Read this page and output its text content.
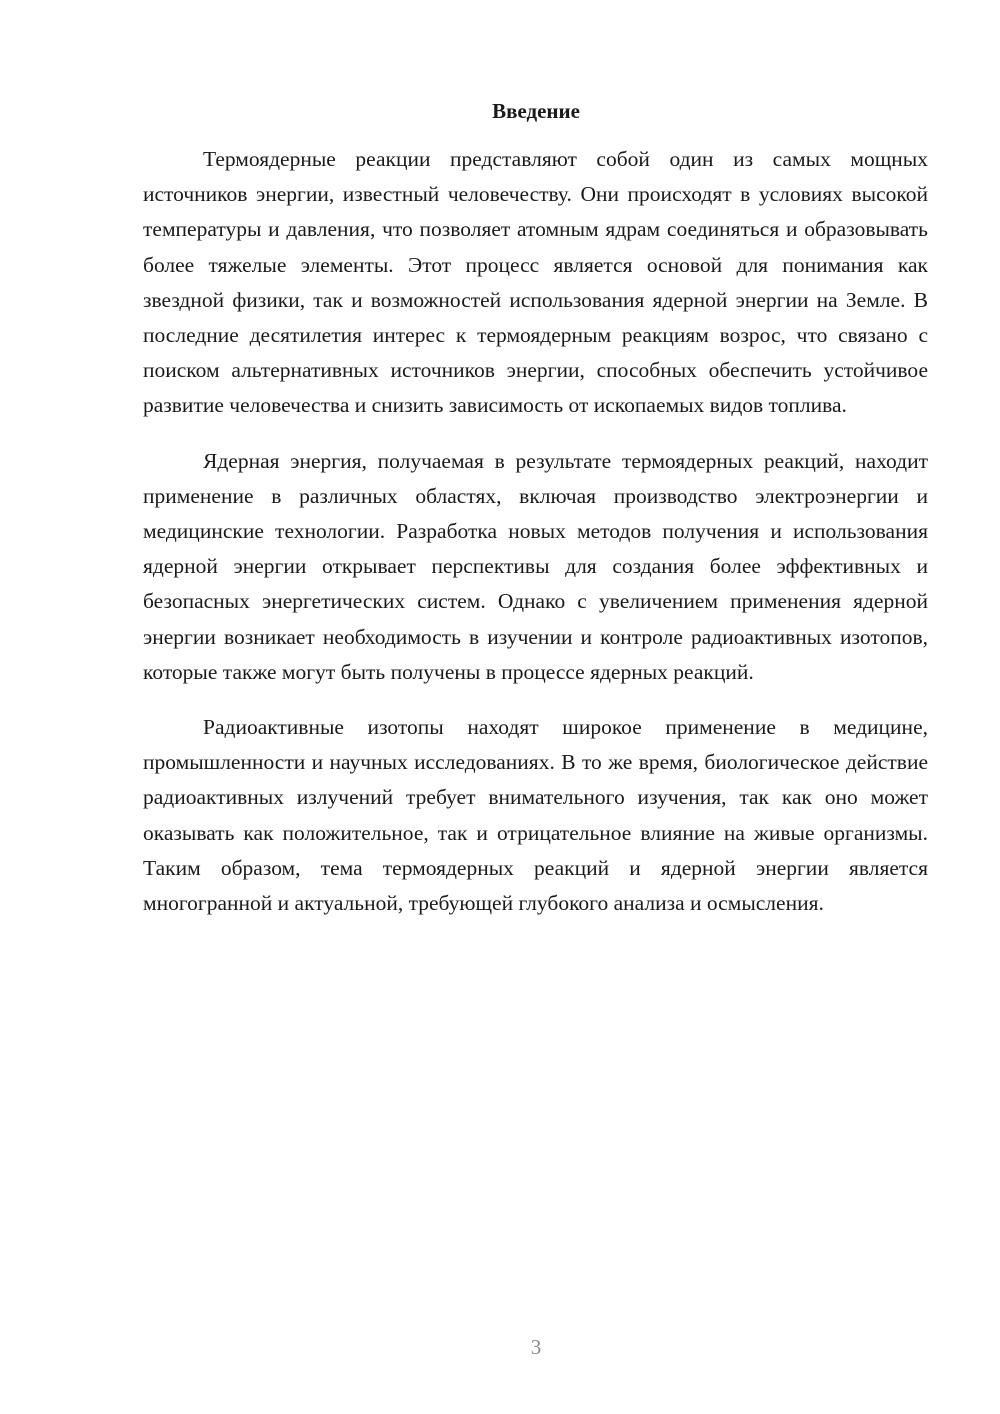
Введение

Термоядерные реакции представляют собой один из самых мощных источников энергии, известный человечеству. Они происходят в условиях высокой температуры и давления, что позволяет атомным ядрам соединяться и образовывать более тяжелые элементы. Этот процесс является основой для понимания как звездной физики, так и возможностей использования ядерной энергии на Земле. В последние десятилетия интерес к термоядерным реакциям возрос, что связано с поиском альтернативных источников энергии, способных обеспечить устойчивое развитие человечества и снизить зависимость от ископаемых видов топлива.

Ядерная энергия, получаемая в результате термоядерных реакций, находит применение в различных областях, включая производство электроэнергии и медицинские технологии. Разработка новых методов получения и использования ядерной энергии открывает перспективы для создания более эффективных и безопасных энергетических систем. Однако с увеличением применения ядерной энергии возникает необходимость в изучении и контроле радиоактивных изотопов, которые также могут быть получены в процессе ядерных реакций.

Радиоактивные изотопы находят широкое применение в медицине, промышленности и научных исследованиях. В то же время, биологическое действие радиоактивных излучений требует внимательного изучения, так как оно может оказывать как положительное, так и отрицательное влияние на живые организмы. Таким образом, тема термоядерных реакций и ядерной энергии является многогранной и актуальной, требующей глубокого анализа и осмысления.

3
